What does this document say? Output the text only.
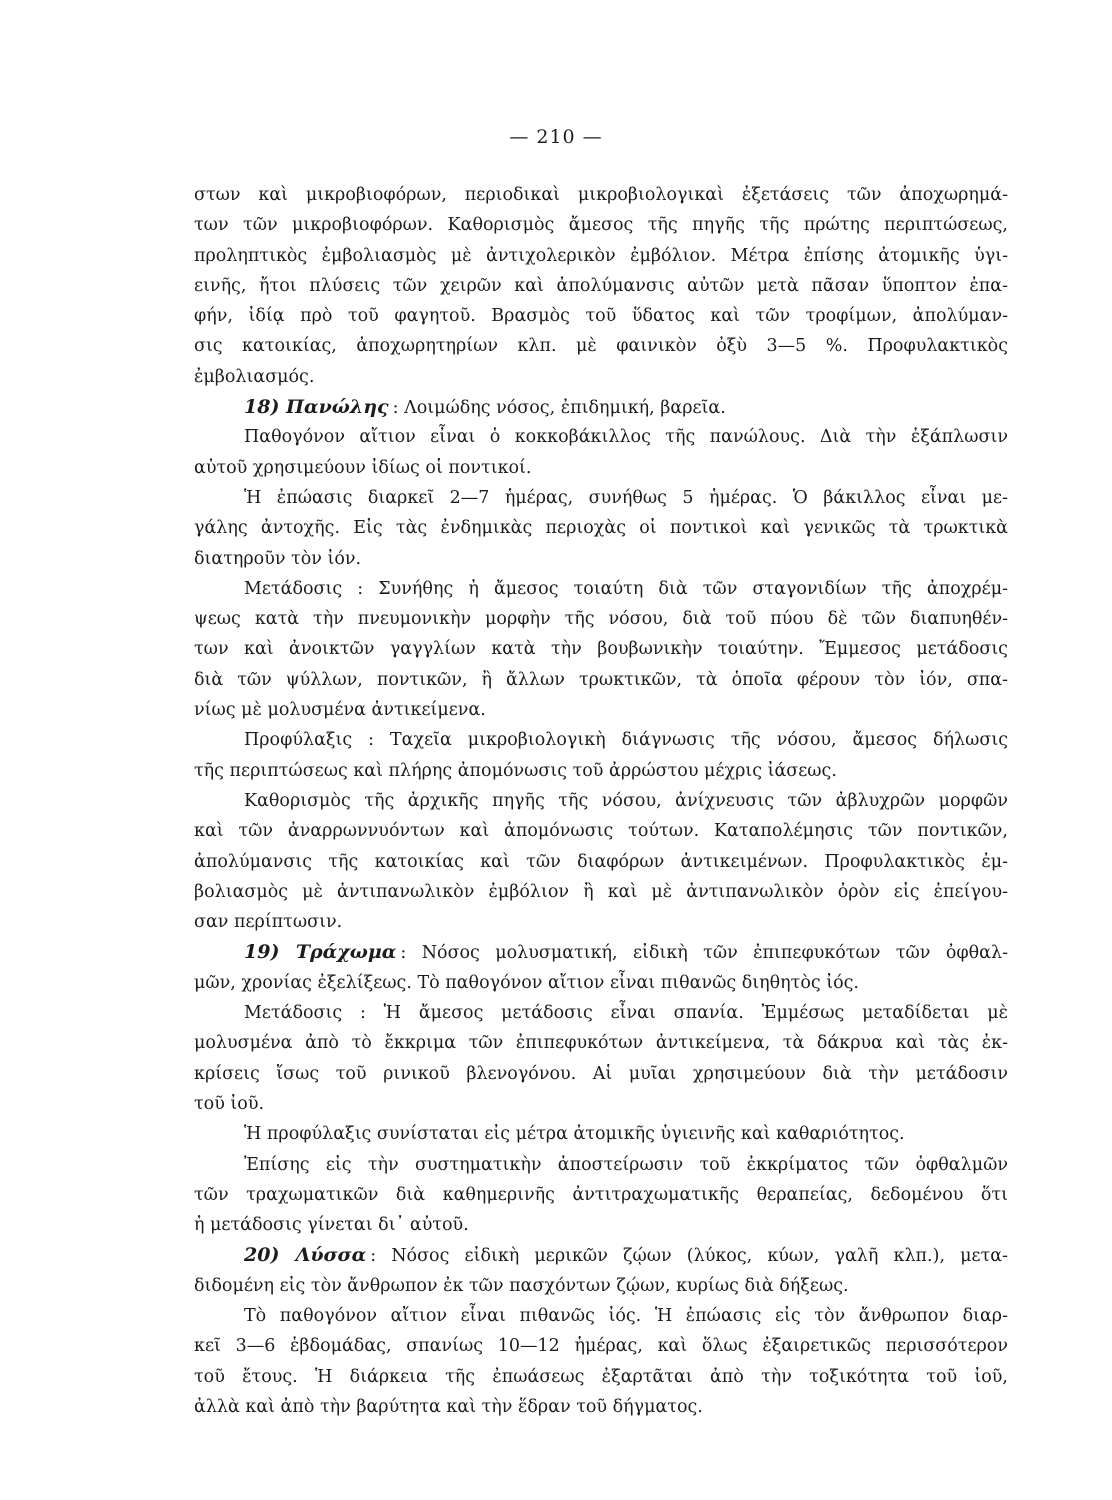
— 210 —
στων καὶ μικροβιοφόρων, περιοδικαὶ μικροβιολογικαὶ ἐξετάσεις τῶν ἀποχωρημά-
των τῶν μικροβιοφόρων. Καθορισμὸς ἄμεσος τῆς πηγῆς τῆς πρώτης περιπτώσεως,
προληπτικὸς ἐμβολιασμὸς μὲ ἀντιχολερικὸν ἐμβόλιον. Μέτρα ἐπίσης ἀτομικῆς ὑγι-
εινῆς, ἤτοι πλύσεις τῶν χειρῶν καὶ ἀπολύμανσις αὐτῶν μετὰ πᾶσαν ὕποπτον ἐπα-
φήν, ἰδίᾳ πρὸ τοῦ φαγητοῦ. Βρασμὸς τοῦ ὕδατος καὶ τῶν τροφίμων, ἀπολύμαν-
σις κατοικίας, ἀποχωρητηρίων κλπ. μὲ φαινικὸν ὀξὺ 3—5 %. Προφυλακτικὸς
ἐμβολιασμός.
18) Πανώλης : Λοιμώδης νόσος, ἐπιδημική, βαρεῖα.
Παθογόνον αἴτιον εἶναι ὁ κοκκοβάκιλλος τῆς πανώλους. Διὰ τὴν ἐξάπλωσιν
αὐτοῦ χρησιμεύουν ἰδίως οἱ ποντικοί.
Ἡ ἐπώασις διαρκεῖ 2—7 ἡμέρας, συνήθως 5 ἡμέρας. Ὁ βάκιλλος εἶναι με-
γάλης ἀντοχῆς. Εἰς τὰς ἐνδημικὰς περιοχὰς οἱ ποντικοὶ καὶ γενικῶς τὰ τρωκτικὰ
διατηροῦν τὸν ἰόν.
Μετάδοσις : Συνήθης ἡ ἄμεσος τοιαύτη διὰ τῶν σταγονιδίων τῆς ἀποχρέμ-
ψεως κατὰ τὴν πνευμονικὴν μορφὴν τῆς νόσου, διὰ τοῦ πύου δὲ τῶν διαπυηθέν-
των καὶ ἀνοικτῶν γαγγλίων κατὰ τὴν βουβωνικὴν τοιαύτην. Ἔμμεσος μετάδοσις
διὰ τῶν ψύλλων, ποντικῶν, ἢ ἄλλων τρωκτικῶν, τὰ ὁποῖα φέρουν τὸν ἰόν, σπα-
νίως μὲ μολυσμένα ἀντικείμενα.
Προφύλαξις : Ταχεῖα μικροβιολογικὴ διάγνωσις τῆς νόσου, ἄμεσος δήλωσις
τῆς περιπτώσεως καὶ πλήρης ἀπομόνωσις τοῦ ἀρρώστου μέχρις ἰάσεως.
Καθορισμὸς τῆς ἀρχικῆς πηγῆς τῆς νόσου, ἀνίχνευσις τῶν ἀβλυχρῶν μορφῶν
καὶ τῶν ἀναρρωννυόντων καὶ ἀπομόνωσις τούτων. Καταπολέμησις τῶν ποντικῶν,
ἀπολύμανσις τῆς κατοικίας καὶ τῶν διαφόρων ἀντικειμένων. Προφυλακτικὸς ἐμ-
βολιασμὸς μὲ ἀντιπανωλικὸν ἐμβόλιον ἢ καὶ μὲ ἀντιπανωλικὸν ὀρὸν εἰς ἐπείγου-
σαν περίπτωσιν.
19) Τράχωμα : Νόσος μολυσματική, εἰδικὴ τῶν ἐπιπεφυκότων τῶν ὀφθαλ-
μῶν, χρονίας ἐξελίξεως. Τὸ παθογόνον αἴτιον εἶναι πιθανῶς διηθητὸς ἰός.
Μετάδοσις : Ἡ ἄμεσος μετάδοσις εἶναι σπανία. Ἐμμέσως μεταδίδεται μὲ
μολυσμένα ἀπὸ τὸ ἔκκριμα τῶν ἐπιπεφυκότων ἀντικείμενα, τὰ δάκρυα καὶ τὰς ἐκ-
κρίσεις ἴσως τοῦ ρινικοῦ βλενογόνου. Αἱ μυῖαι χρησιμεύουν διὰ τὴν μετάδοσιν
τοῦ ἰοῦ.
Ἡ προφύλαξις συνίσταται εἰς μέτρα ἀτομικῆς ὑγιεινῆς καὶ καθαριότητος.
Ἐπίσης εἰς τὴν συστηματικὴν ἀποστείρωσιν τοῦ ἐκκρίματος τῶν ὀφθαλμῶν
τῶν τραχωματικῶν διὰ καθημερινῆς ἀντιτραχωματικῆς θεραπείας, δεδομένου ὅτι
ἡ μετάδοσις γίνεται δι᾽ αὐτοῦ.
20) Λύσσα : Νόσος εἰδικὴ μερικῶν ζῴων (λύκος, κύων, γαλῆ κλπ.), μετα-
διδομένη εἰς τὸν ἄνθρωπον ἐκ τῶν πασχόντων ζῴων, κυρίως διὰ δήξεως.
Τὸ παθογόνον αἴτιον εἶναι πιθανῶς ἰός. Ἡ ἐπώασις εἰς τὸν ἄνθρωπον διαρ-
κεῖ 3—6 ἑβδομάδας, σπανίως 10—12 ἡμέρας, καὶ ὅλως ἐξαιρετικῶς περισσότερον
τοῦ ἔτους. Ἡ διάρκεια τῆς ἐπωάσεως ἐξαρτᾶται ἀπὸ τὴν τοξικότητα τοῦ ἰοῦ,
ἀλλὰ καὶ ἀπὸ τὴν βαρύτητα καὶ τὴν ἕδραν τοῦ δήγματος.
